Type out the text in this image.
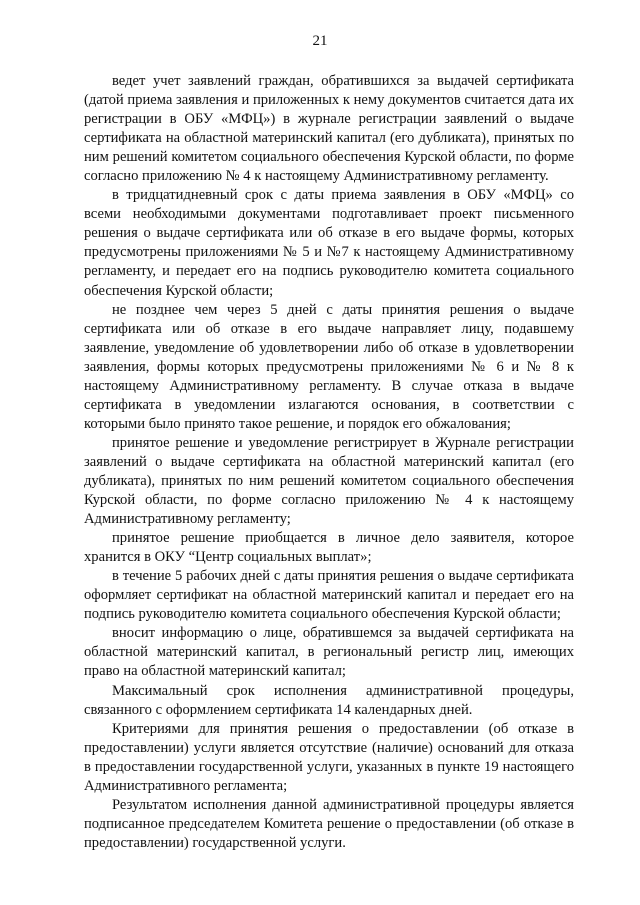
21

ведет учет заявлений граждан, обратившихся за выдачей сертификата (датой приема заявления и приложенных к нему документов считается дата их регистрации в ОБУ «МФЦ») в журнале регистрации заявлений о выдаче сертификата на областной материнский капитал (его дубликата), принятых по ним решений комитетом социального обеспечения Курской области, по форме согласно приложению № 4 к настоящему Административному регламенту.

в тридцатидневный срок с даты приема заявления в ОБУ «МФЦ» со всеми необходимыми документами подготавливает проект письменного решения о выдаче сертификата или об отказе в его выдаче формы, которых предусмотрены приложениями № 5 и №7 к настоящему Административному регламенту, и передает его на подпись руководителю комитета социального обеспечения Курской области;

не позднее чем через 5 дней с даты принятия решения о выдаче сертификата или об отказе в его выдаче направляет лицу, подавшему заявление, уведомление об удовлетворении либо об отказе в удовлетворении заявления, формы которых предусмотрены приложениями № 6 и № 8 к настоящему Административному регламенту. В случае отказа в выдаче сертификата в уведомлении излагаются основания, в соответствии с которыми было принято такое решение, и порядок его обжалования;

принятое решение и уведомление регистрирует в Журнале регистрации заявлений о выдаче сертификата на областной материнский капитал (его дубликата), принятых по ним решений комитетом социального обеспечения Курской области, по форме согласно приложению № 4 к настоящему Административному регламенту;

принятое решение приобщается в личное дело заявителя, которое хранится в ОКУ “Центр социальных выплат»;

в течение 5 рабочих дней с даты принятия решения о выдаче сертификата оформляет сертификат на областной материнский капитал и передает его на подпись руководителю комитета социального обеспечения Курской области;

вносит информацию о лице, обратившемся за выдачей сертификата на областной материнский капитал, в региональный регистр лиц, имеющих право на областной материнский капитал;

Максимальный срок исполнения административной процедуры, связанного с оформлением сертификата 14 календарных дней.

Критериями для принятия решения о предоставлении (об отказе в предоставлении) услуги является отсутствие (наличие) оснований для отказа в предоставлении государственной услуги, указанных в пункте 19 настоящего Административного регламента;

Результатом исполнения данной административной процедуры является подписанное председателем Комитета решение о предоставлении (об отказе в предоставлении) государственной услуги.
